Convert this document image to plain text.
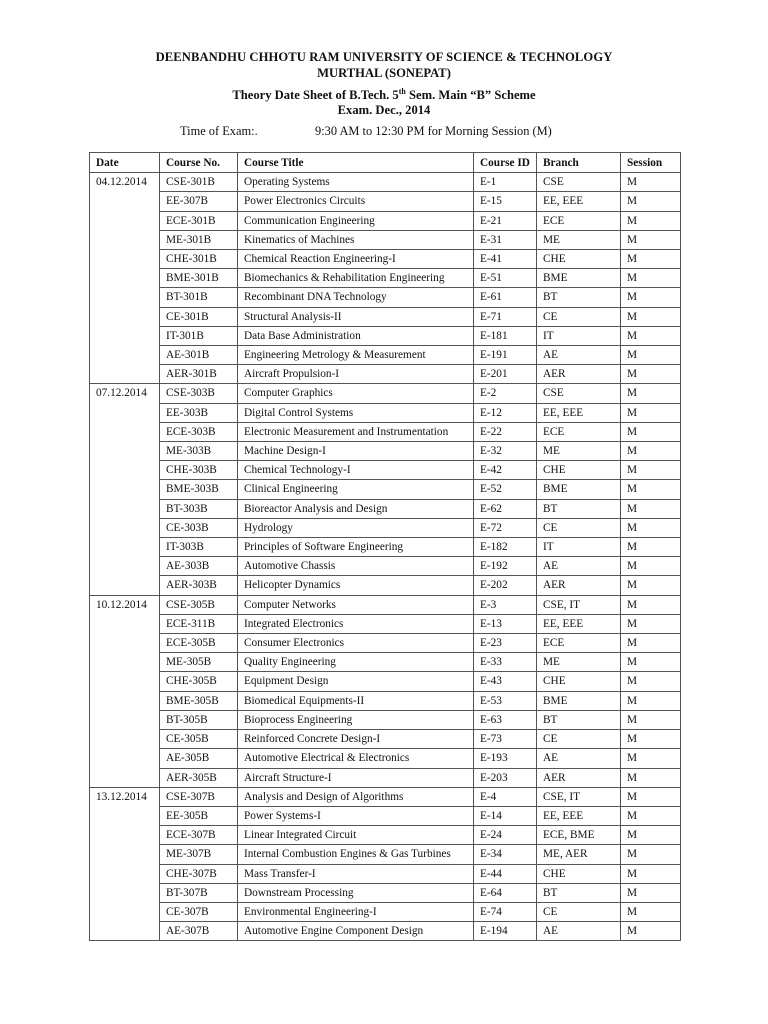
DEENBANDHU CHHOTU RAM UNIVERSITY OF SCIENCE & TECHNOLOGY
MURTHAL (SONEPAT)
Theory Date Sheet of B.Tech. 5th Sem. Main “B” Scheme
Exam. Dec., 2014
Time of Exam:.	9:30 AM to 12:30 PM for Morning Session (M)
Date	Course No.	Course Title	Course ID	Branch	Session
04.12.2014	CSE-301B	Operating Systems	E-1	CSE	M
	EE-307B	Power Electronics Circuits	E-15	EE, EEE	M
	ECE-301B	Communication Engineering	E-21	ECE	M
	ME-301B	Kinematics of Machines	E-31	ME	M
	CHE-301B	Chemical Reaction Engineering-I	E-41	CHE	M
	BME-301B	Biomechanics & Rehabilitation Engineering	E-51	BME	M
	BT-301B	Recombinant DNA Technology	E-61	BT	M
	CE-301B	Structural Analysis-II	E-71	CE	M
	IT-301B	Data Base Administration	E-181	IT	M
	AE-301B	Engineering Metrology & Measurement	E-191	AE	M
	AER-301B	Aircraft Propulsion-I	E-201	AER	M
07.12.2014	CSE-303B	Computer Graphics	E-2	CSE	M
	EE-303B	Digital Control Systems	E-12	EE, EEE	M
	ECE-303B	Electronic Measurement and Instrumentation	E-22	ECE	M
	ME-303B	Machine Design-I	E-32	ME	M
	CHE-303B	Chemical Technology-I	E-42	CHE	M
	BME-303B	Clinical Engineering	E-52	BME	M
	BT-303B	Bioreactor Analysis and Design	E-62	BT	M
	CE-303B	Hydrology	E-72	CE	M
	IT-303B	Principles of Software Engineering	E-182	IT	M
	AE-303B	Automotive Chassis	E-192	AE	M
	AER-303B	Helicopter Dynamics	E-202	AER	M
10.12.2014	CSE-305B	Computer Networks	E-3	CSE, IT	M
	ECE-311B	Integrated Electronics	E-13	EE, EEE	M
	ECE-305B	Consumer Electronics	E-23	ECE	M
	ME-305B	Quality Engineering	E-33	ME	M
	CHE-305B	Equipment Design	E-43	CHE	M
	BME-305B	Biomedical Equipments-II	E-53	BME	M
	BT-305B	Bioprocess Engineering	E-63	BT	M
	CE-305B	Reinforced Concrete Design-I	E-73	CE	M
	AE-305B	Automotive Electrical & Electronics	E-193	AE	M
	AER-305B	Aircraft Structure-I	E-203	AER	M
13.12.2014	CSE-307B	Analysis and Design of Algorithms	E-4	CSE, IT	M
	EE-305B	Power Systems-I	E-14	EE, EEE	M
	ECE-307B	Linear Integrated Circuit	E-24	ECE, BME	M
	ME-307B	Internal Combustion Engines & Gas Turbines	E-34	ME, AER	M
	CHE-307B	Mass Transfer-I	E-44	CHE	M
	BT-307B	Downstream Processing	E-64	BT	M
	CE-307B	Environmental Engineering-I	E-74	CE	M
	AE-307B	Automotive Engine Component Design	E-194	AE	M
